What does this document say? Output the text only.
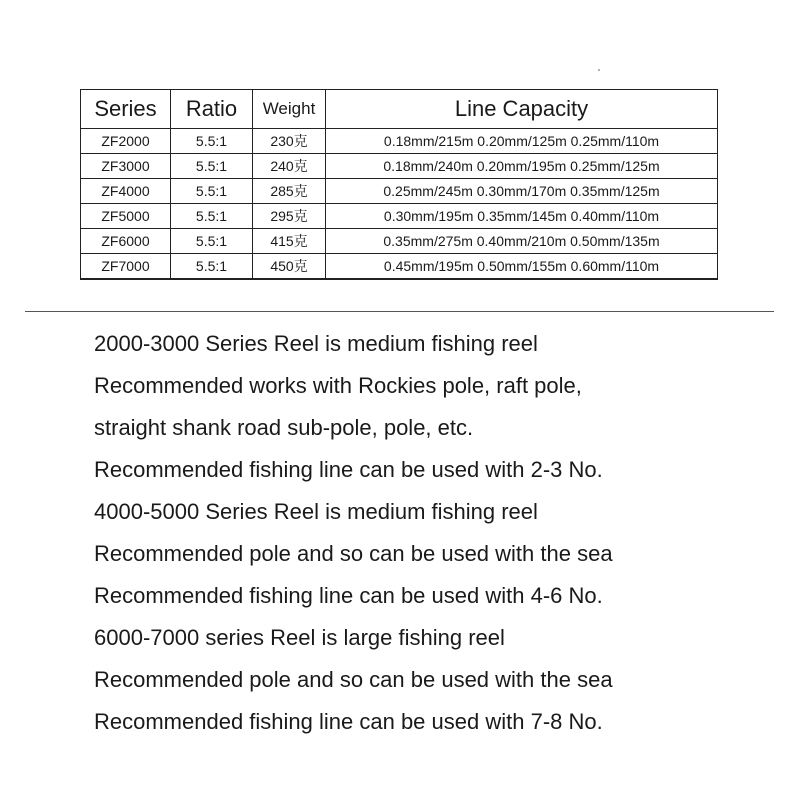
Series	Ratio	Weight	Line Capacity
ZF2000	5.5:1	230克	0.18mm/215m 0.20mm/125m 0.25mm/110m
ZF3000	5.5:1	240克	0.18mm/240m 0.20mm/195m 0.25mm/125m
ZF4000	5.5:1	285克	0.25mm/245m 0.30mm/170m 0.35mm/125m
ZF5000	5.5:1	295克	0.30mm/195m 0.35mm/145m 0.40mm/110m
ZF6000	5.5:1	415克	0.35mm/275m 0.40mm/210m 0.50mm/135m
ZF7000	5.5:1	450克	0.45mm/195m 0.50mm/155m 0.60mm/110m
2000-3000 Series Reel is medium fishing reel
Recommended works with Rockies pole, raft pole,
straight shank road sub-pole, pole, etc.
Recommended fishing line can be used with 2-3 No.
4000-5000 Series Reel is medium fishing reel
Recommended pole and so can be used with the sea
Recommended fishing line can be used with 4-6 No.
6000-7000 series Reel is large fishing reel
Recommended pole and so can be used with the sea
Recommended fishing line can be used with 7-8 No.
